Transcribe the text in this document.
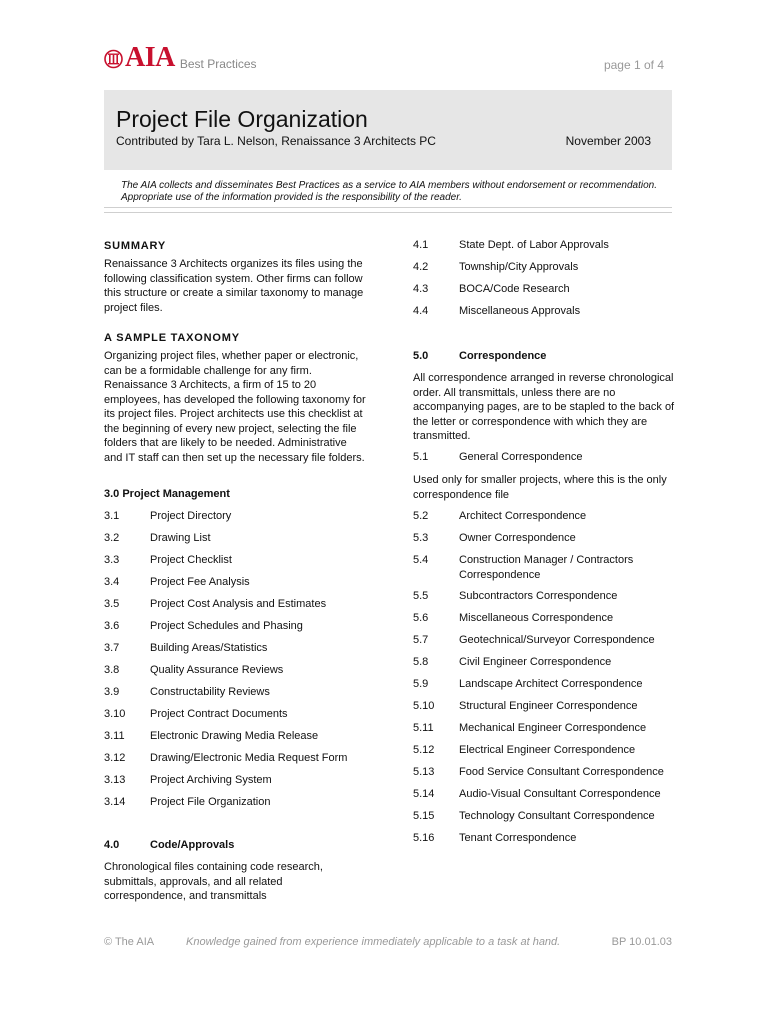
AIA Best Practices	page 1 of 4
Project File Organization
Contributed by Tara L. Nelson, Renaissance 3 Architects PC	November 2003
The AIA collects and disseminates Best Practices as a service to AIA members without endorsement or recommendation. Appropriate use of the information provided is the responsibility of the reader.
SUMMARY
Renaissance 3 Architects organizes its files using the following classification system. Other firms can follow this structure or create a similar taxonomy to manage project files.
A SAMPLE TAXONOMY
Organizing project files, whether paper or electronic, can be a formidable challenge for any firm. Renaissance 3 Architects, a firm of 15 to 20 employees, has developed the following taxonomy for its project files. Project architects use this checklist at the beginning of every new project, selecting the file folders that are likely to be needed. Administrative and IT staff can then set up the necessary file folders.
3.0 Project Management
3.1	Project Directory
3.2	Drawing List
3.3	Project Checklist
3.4	Project Fee Analysis
3.5	Project Cost Analysis and Estimates
3.6	Project Schedules and Phasing
3.7	Building Areas/Statistics
3.8	Quality Assurance Reviews
3.9	Constructability Reviews
3.10	Project Contract Documents
3.11	Electronic Drawing Media Release
3.12	Drawing/Electronic Media Request Form
3.13	Project Archiving System
3.14	Project File Organization
4.0	Code/Approvals
Chronological files containing code research, submittals, approvals, and all related correspondence, and transmittals
4.1	State Dept. of Labor Approvals
4.2	Township/City Approvals
4.3	BOCA/Code Research
4.4	Miscellaneous Approvals
5.0	Correspondence
All correspondence arranged in reverse chronological order. All transmittals, unless there are no accompanying pages, are to be stapled to the back of the letter or correspondence with which they are transmitted.
5.1	General Correspondence
Used only for smaller projects, where this is the only correspondence file
5.2	Architect Correspondence
5.3	Owner Correspondence
5.4	Construction Manager / Contractors Correspondence
5.5	Subcontractors Correspondence
5.6	Miscellaneous Correspondence
5.7	Geotechnical/Surveyor Correspondence
5.8	Civil Engineer Correspondence
5.9	Landscape Architect Correspondence
5.10	Structural Engineer Correspondence
5.11	Mechanical Engineer Correspondence
5.12	Electrical Engineer Correspondence
5.13	Food Service Consultant Correspondence
5.14	Audio-Visual Consultant Correspondence
5.15	Technology Consultant Correspondence
5.16	Tenant Correspondence
© The AIA	Knowledge gained from experience immediately applicable to a task at hand.	BP 10.01.03
